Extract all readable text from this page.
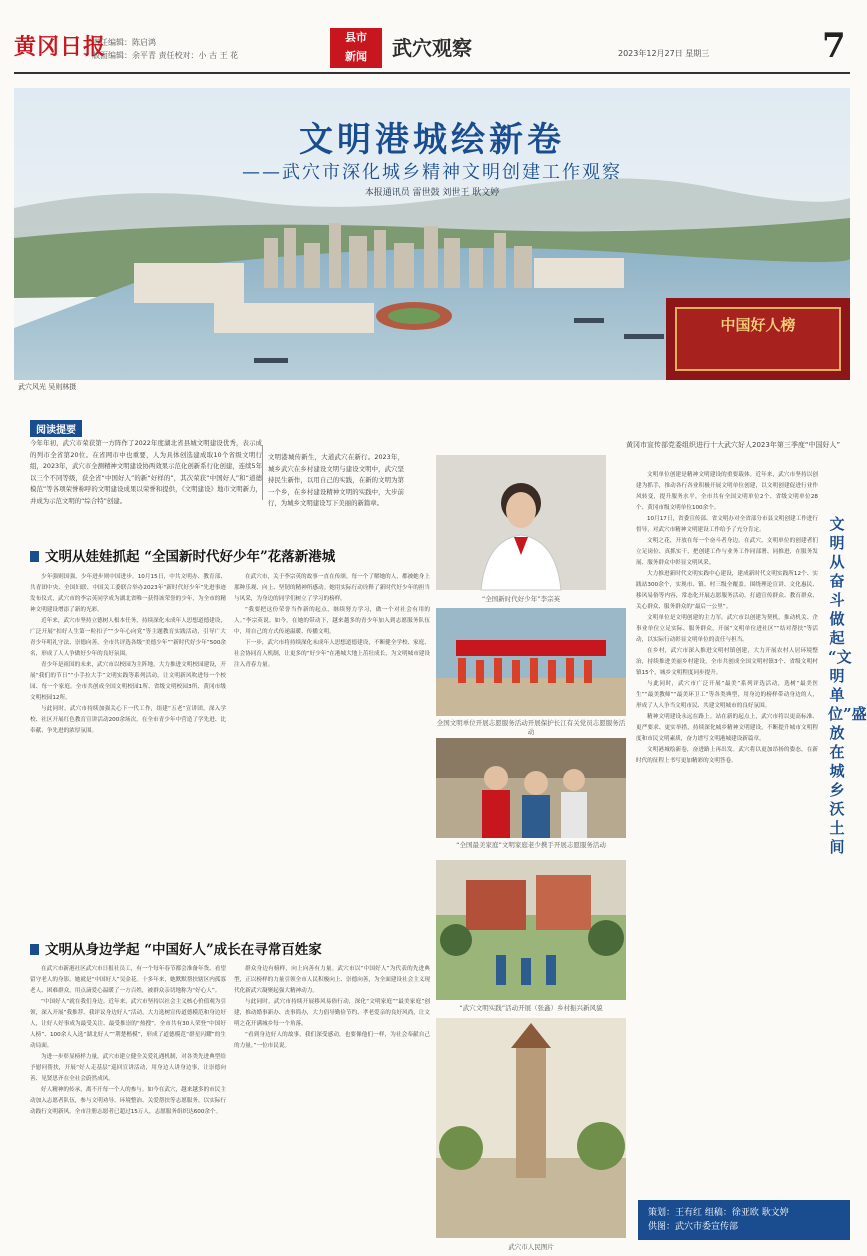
黄冈日报
责任编辑：陈启鸿
版面编辑：余平青 责任校对：小 古 王 花
县市
新闻	武穴观察	2023年12月27日 星期三	7
中国好人榜
文明港城绘新卷
——武穴市深化城乡精神文明创建工作观察
本报通讯员 雷世鼓 刘世王 耿文婷
武穴风光 吴则林摄
阅读提要
今年年初，武穴市荣获第一方阵作了2022年度湖北省县城文明建设优秀，表示成的列市全省第20位。在省网市中也重要，人为具体创选建成取10个省级文明行组，2023年，武穴市全测精神文明建设协两效果示范化创新系行化创建，连续5年以三个不同等级，获全省“中国好人”的新“好样的”，其次荣获“中国好人”和“道德模范”等各项荣誉称呼的文明建设成果以荣誉和提供，《文明建设》地市文明新力，并成为示范文明的“综合特”创建。
文明港城传新生，大道武穴在新行。2023年，城乡武穴在乡村建设文明与建设文明中，武穴坚持民生新作，以用自己的实践，在新的文明为第一个乡，在乡村建设精神文明的实践中，大步前行，为城乡文明建设写下美丽的新篇章。
黄冈市宣传部党委组织进行十大武穴好人2023年第三季度“中国好人”
文明从娃娃抓起 “全国新时代好少年”花落新港城

少年强则国强，少年进步则中国进步。10月15日，中共文明办、教育部、共青团中央、全国妇联、中国关工委联合举办2023年“新时代好少年”先进事迹发布仪式，武穴市的李宗英同学成为湖北省唯一获得该荣誉的少年，为全市的精神文明建设增添了新的光彩。

近年来，武穴市坚持立德树人根本任务，持续深化未成年人思想道德建设，广泛开展“扣好人生第一粒扣子”“少年心向党”等主题教育实践活动，引导广大青少年明礼守法、崇德向善。全市共评选各级“美德少年”“新时代好少年”500余名，形成了人人争做好少年的良好氛围。

青少年是祖国的未来，武穴市以校园为主阵地，大力推进文明校园建设，开展“我们的节日”“小手拉大手”文明实践等系列活动，让文明新风吹进每一个校园、每一个家庭。全市共创成全国文明校园1所、省级文明校园3所、黄冈市级文明校园12所。

与此同时，武穴市持续加强关心下一代工作，组建“五老”宣讲团，深入学校、社区开展红色教育宣讲活动200余场次，在全市青少年中营造了学先进、比奉献、争先进的浓厚氛围。

在武穴市，关于李宗英的故事一直在传颂。每一个了解她的人，都被她身上那种乐观、向上、坚韧的精神所感动。她用实际行动诠释了新时代好少年的担当与风采，为身边的同学们树立了学习的榜样。

“我要把这份荣誉当作新的起点，继续努力学习，做一个对社会有用的人。”李宗英说。如今，在她的带动下，越来越多的青少年加入到志愿服务队伍中，用自己的方式传递温暖、传播文明。

下一步，武穴市将持续深化未成年人思想道德建设，不断健全学校、家庭、社会协同育人机制，让更多的“好少年”在港城大地上茁壮成长，为文明城市建设注入青春力量。

文明从身边学起 “中国好人”成长在寻常百姓家

在武穴市新港社区武穴市日报社员工，有一个每年春节都会准备年货、看望留守老人的身影，她就是“中国好人”吴金花。十多年来，她默默帮扶辖区内孤寡老人、困难群众，用点滴爱心温暖了一方百姓，被群众亲切地称为“好心人”。

“中国好人”就在我们身边。近年来，武穴市坚持以社会主义核心价值观为引领，深入开展“我推荐、我评议身边好人”活动，大力选树宣传道德模范和身边好人，让好人好事成为最受关注、最受推崇的“热搜”。全市共有30人荣登“中国好人榜”、100余人入选“湖北好人”“荆楚楷模”，形成了道德模范“群星闪耀”的生动局面。

为进一步彰显榜样力量，武穴市建立健全关爱礼遇机制，对各类先进典型给予慰问帮扶，开展“好人走基层”巡回宣讲活动，用身边人讲身边事，让崇德向善、见贤思齐在全社会蔚然成风。

好人精神的传承，离不开每一个人的参与。如今在武穴，越来越多的市民主动加入志愿者队伍，参与文明劝导、环境整治、关爱帮扶等志愿服务，以实际行动践行文明新风。全市注册志愿者已超过15万人，志愿服务组织达600余个。

群众身边有榜样，向上向善有力量。武穴市以“中国好人”为代表的先进典型，正以榜样的力量引领全市人民积极向上、崇德向善，为全面建设社会主义现代化新武穴凝聚起强大精神动力。

与此同时，武穴市持续开展移风易俗行动，深化“文明家庭”“最美家庭”创建，推动婚事新办、丧事简办，大力倡导勤俭节约、孝老爱亲的良好风尚，让文明之花开满城乡每一个角落。

“看到身边好人的故事，我们深受感动，也要像他们一样，为社会奉献自己的力量。”一位市民说。

“全国新时代好少年”李宗英
全国文明单位开展志愿服务活动开展保护长江有关党员志愿服务活动
“全国最美家庭”文明家庭老少携手开展志愿服务活动
“武穴文明实践”活动开展（张鑫）乡村振兴新风貌
武穴市人民图片
文明从奋斗做起 “文明单位”盛放在城乡沃土间

文明单位创建是精神文明建设的重要载体。近年来，武穴市坚持以创建为抓手，推动各行各业积极开展文明单位创建，以文明创建促进行业作风转变，提升服务水平，全市共有全国文明单位2个、省级文明单位28个、黄冈市级文明单位100余个。

10月17日，省委宣传部、省文明办对全省部分市县文明创建工作进行督导，对武穴市精神文明建设工作给予了充分肯定。

文明之花，开放在每一个奋斗者身边。在武穴，文明单位的创建者们立足岗位、真抓实干，把创建工作与业务工作同部署、同推进，在服务发展、服务群众中彰显文明风采。

大力推进新时代文明实践中心建设，建成新时代文明实践所12个、实践站300余个，实现市、镇、村三级全覆盖。围绕理论宣讲、文化惠民、移风易俗等内容，常态化开展志愿服务活动，打通宣传群众、教育群众、关心群众、服务群众的“最后一公里”。

文明单位是文明创建的主力军。武穴市以创建为契机，推动机关、企事业单位立足实际、服务群众，开展“文明单位进社区”“结对帮扶”等活动，以实际行动彰显文明单位的责任与担当。

在乡村，武穴市深入推进文明村镇创建，大力开展农村人居环境整治，持续推进美丽乡村建设，全市共创成全国文明村镇3个、省级文明村镇15个，城乡文明程度同步提升。

与此同时，武穴市广泛开展“最美”系列评选活动，选树“最美医生”“最美教师”“最美环卫工”等各类典型，用身边的榜样带动身边的人，形成了人人争当文明市民、共建文明城市的良好氛围。

精神文明建设永远在路上。站在新的起点上，武穴市将以更高标准、更严要求、更实举措，持续深化城乡精神文明建设，不断提升城市文明程度和市民文明素质，奋力谱写文明港城建设新篇章。

文明港城绘新卷，奋进路上再出发。武穴将以更加昂扬的姿态，在新时代的征程上书写更加精彩的文明答卷。

策划：王有红 组稿：徐亚欧 耿文婷
供图：武穴市委宣传部
